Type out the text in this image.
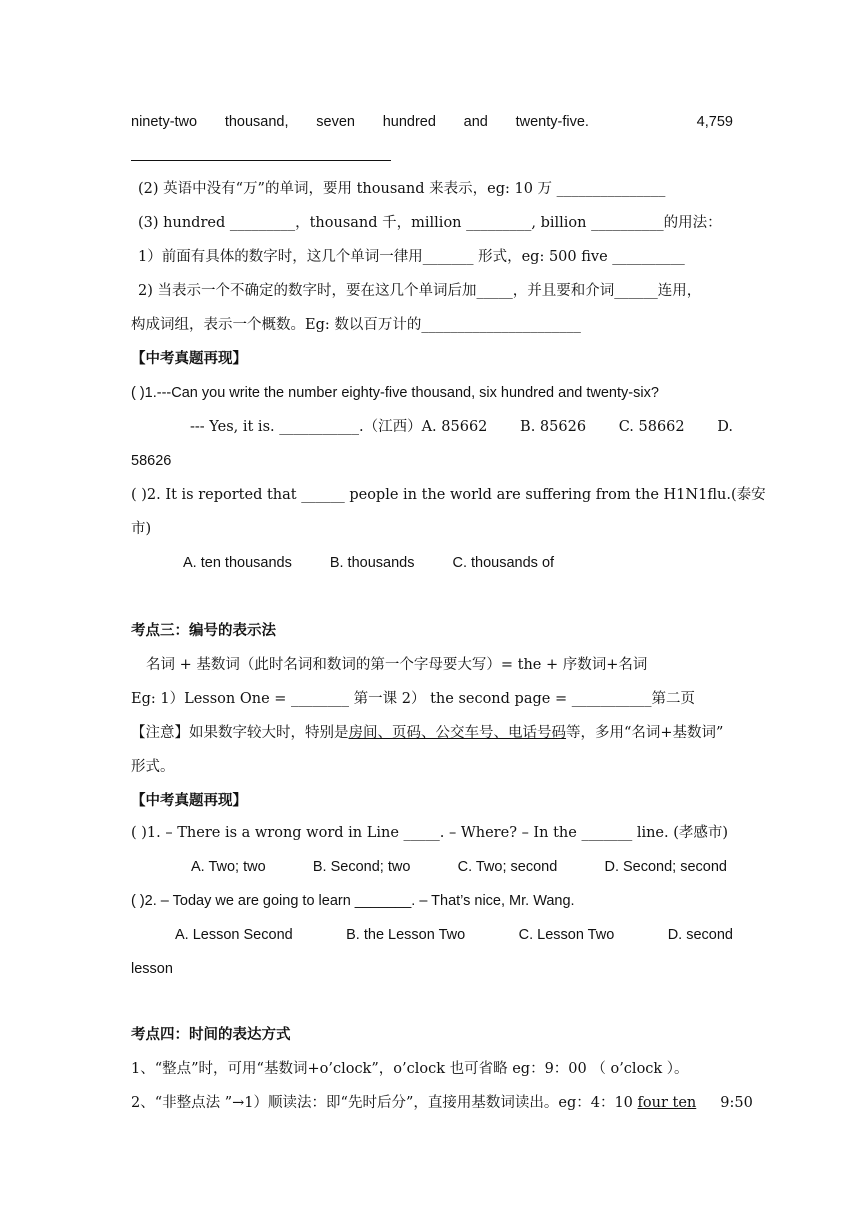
ninety-two thousand, seven hundred and twenty-five.	4,759
(2) 英语中没有“万”的单词，要用 thousand 来表示，eg: 10 万 _______________
(3) hundred _________，thousand 千，million _________, billion __________的用法：
1）前面有具体的数字时，这几个单词一律用_______ 形式，eg: 500 five __________
2) 当表示一个不确定的数字时，要在这几个单词后加_____，并且要和介词______连用，
构成词组，表示一个概数。Eg: 数以百万计的______________________
【中考真题再现】
( )1.---Can you write the number eighty-five thousand, six hundred and twenty-six?
--- Yes, it is. ___________.（江西）A. 85662 B. 85626 C. 58662 D.
58626
( )2. It is reported that ______ people in the world are suffering from the H1N1flu.(泰安
市)
A. ten thousands	B. thousands	C. thousands of
考点三：编号的表示法
名词 + 基数词（此时名词和数词的第一个字母要大写）= the + 序数词+名词
Eg: 1）Lesson One = ________ 第一课 2） the second page = ___________第二页
【注意】如果数字较大时，特别是房间、页码、公交车号、电话号码等，多用“名词+基数词”
形式。
【中考真题再现】
( )1. – There is a wrong word in Line _____. – Where? – In the _______ line. (孝感市)
A. Two; two	B. Second; two	C. Two; second	D. Second; second
( )2. – Today we are going to learn _______. – That’s nice, Mr. Wang.
A. Lesson Second	B. the Lesson Two	C. Lesson Two	D. second
lesson
考点四：时间的表达方式
1、“整点”时，可用“基数词+o’clock”，o’clock 也可省略 eg：9：00 （ o’clock ）。
2、“非整点法 ”→1）顺读法：即“先时后分”，直接用基数词读出。eg：4：10 four ten 9:50
